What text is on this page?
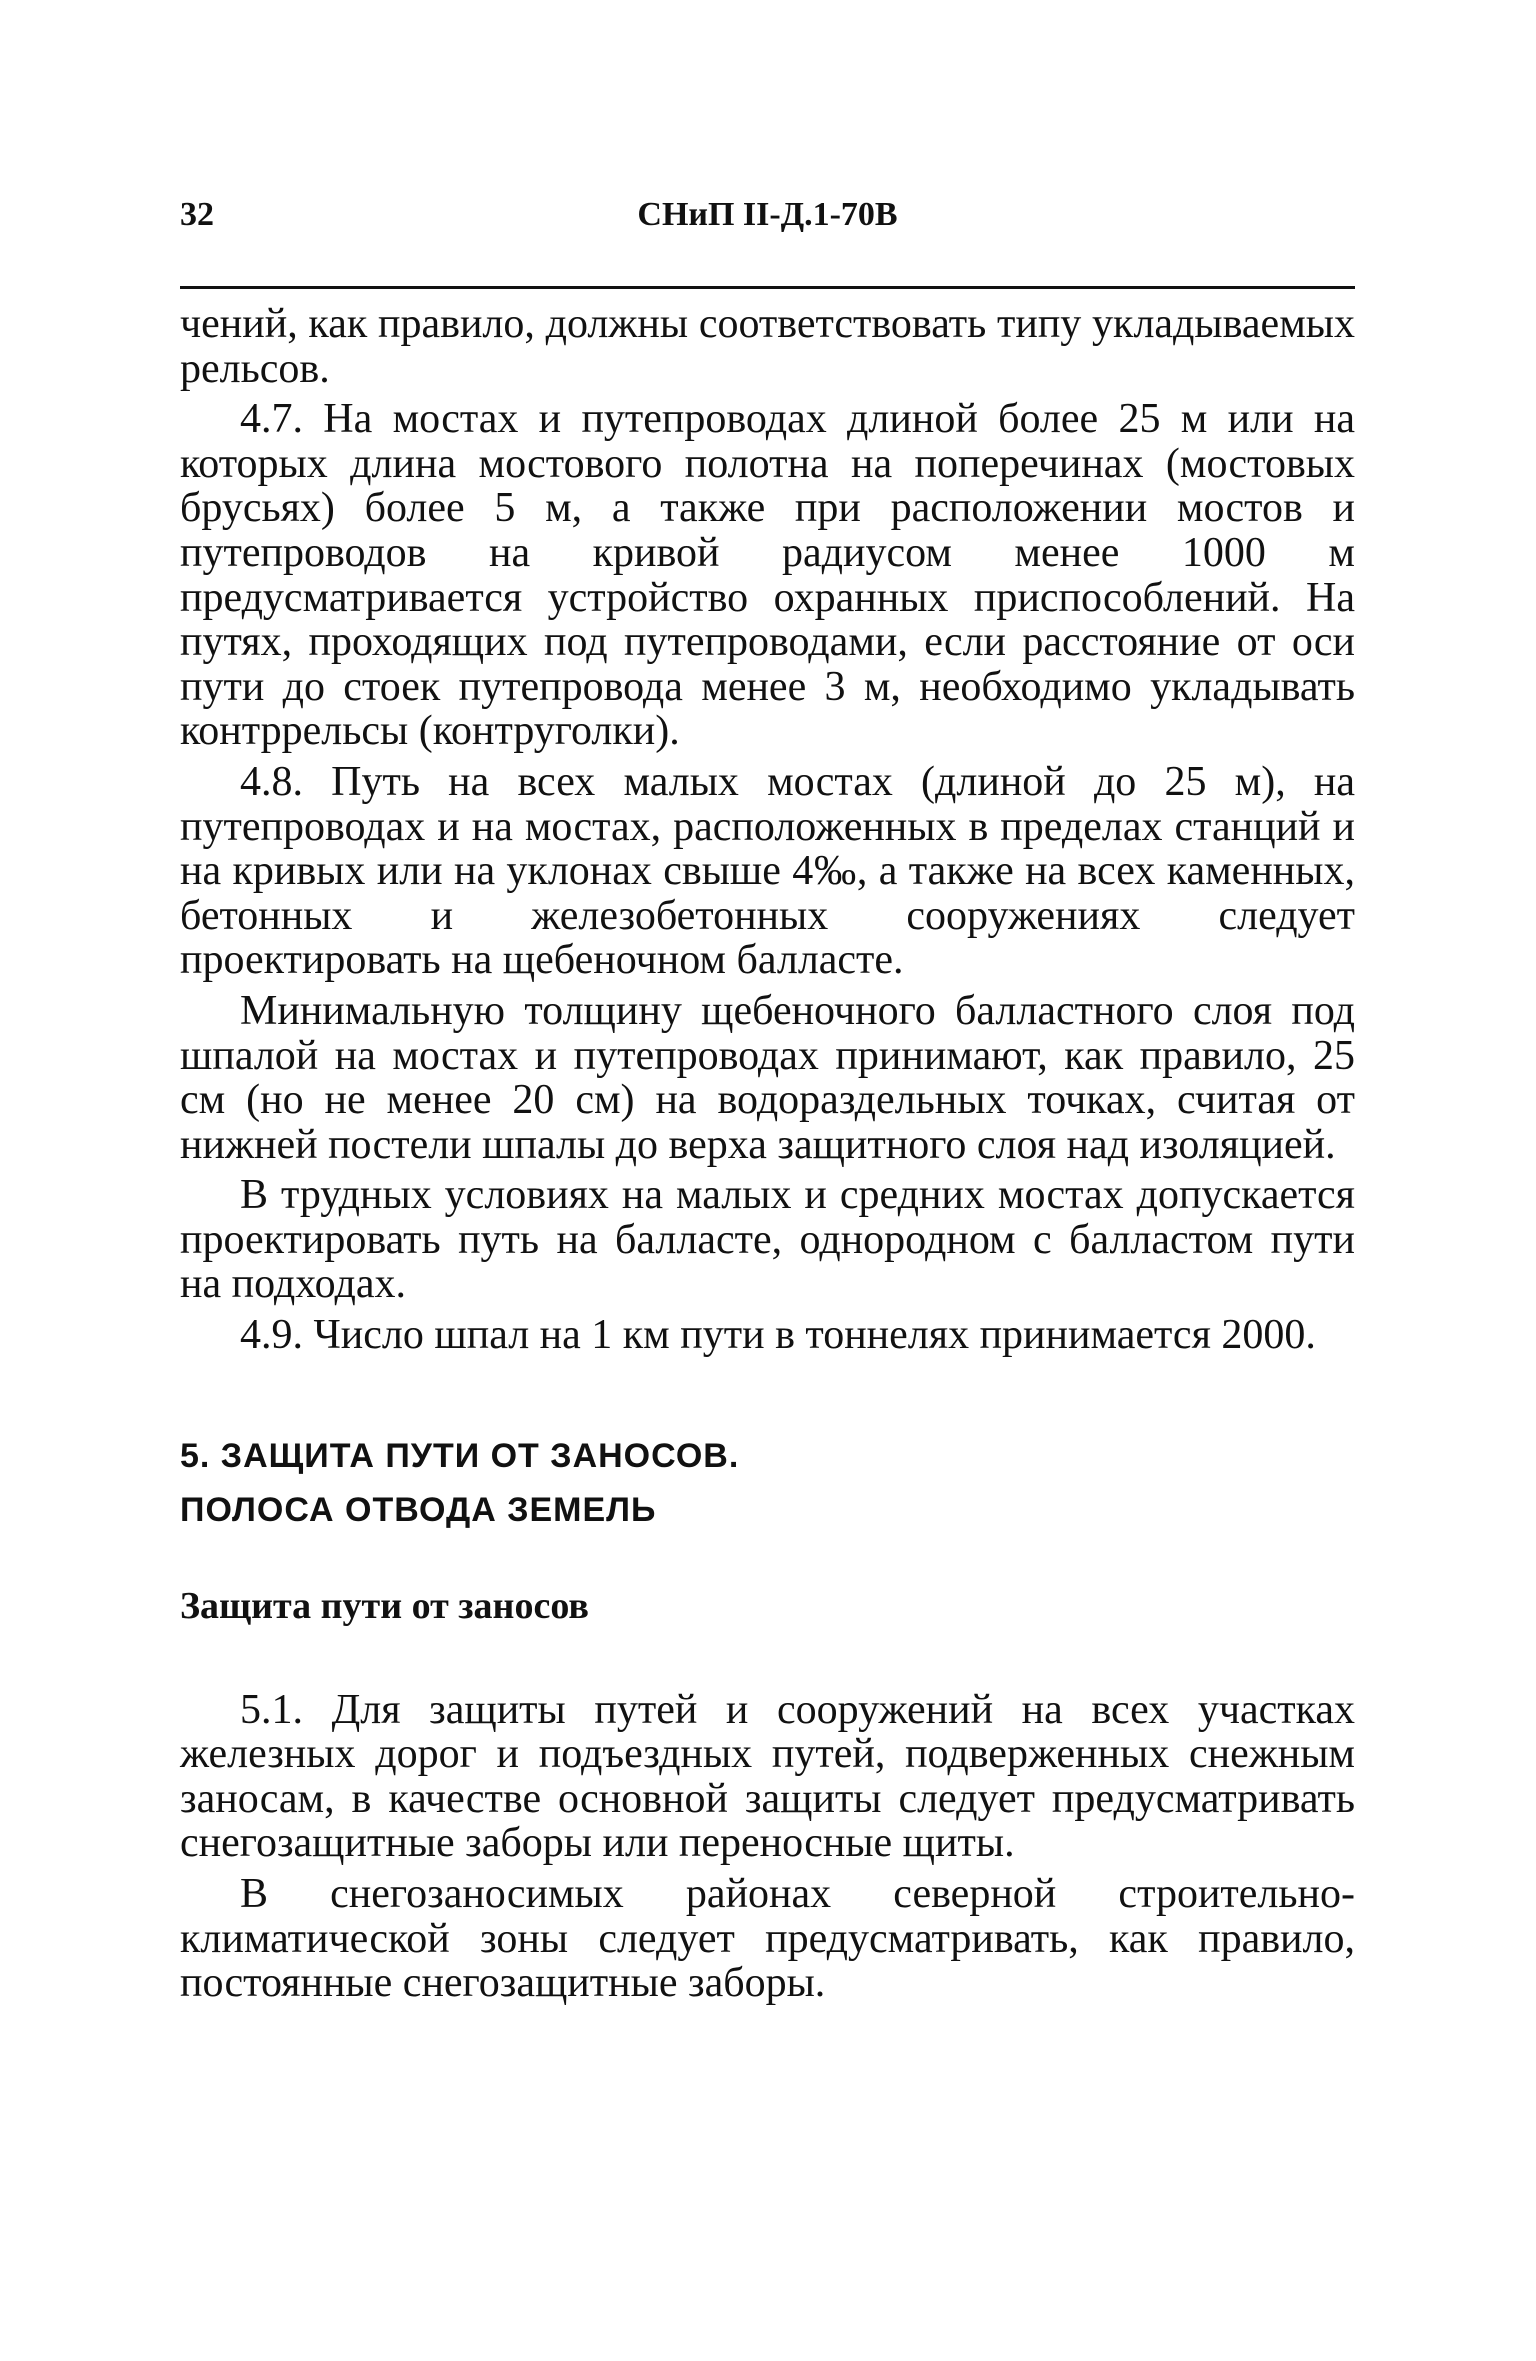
32	СНиП II-Д.1-70В

чений, как правило, должны соответствовать типу укладываемых рельсов.

4.7. На мостах и путепроводах длиной более 25 м или на которых длина мостового полотна на поперечинах (мостовых брусьях) более 5 м, а также при расположении мостов и путепроводов на кривой радиусом менее 1000 м предусматривается устройство охранных приспособлений. На путях, проходящих под путепроводами, если расстояние от оси пути до стоек путепровода менее 3 м, необходимо укладывать контррельсы (контруголки).

4.8. Путь на всех малых мостах (длиной до 25 м), на путепроводах и на мостах, расположенных в пределах станций и на кривых или на уклонах свыше 4‰, а также на всех каменных, бетонных и железобетонных сооружениях следует проектировать на щебеночном балласте.

Минимальную толщину щебеночного балластного слоя под шпалой на мостах и путепроводах принимают, как правило, 25 см (но не менее 20 см) на водораздельных точках, считая от нижней постели шпалы до верха защитного слоя над изоляцией.

В трудных условиях на малых и средних мостах допускается проектировать путь на балласте, однородном с балластом пути на подходах.

4.9. Число шпал на 1 км пути в тоннелях принимается 2000.

5. ЗАЩИТА ПУТИ ОТ ЗАНОСОВ.

ПОЛОСА ОТВОДА ЗЕМЕЛЬ

Защита пути от заносов

5.1. Для защиты путей и сооружений на всех участках железных дорог и подъездных путей, подверженных снежным заносам, в качестве основной защиты следует предусматривать снегозащитные заборы или переносные щиты.

В снегозаносимых районах северной строительно-климатической зоны следует предусматривать, как правило, постоянные снегозащитные заборы.
